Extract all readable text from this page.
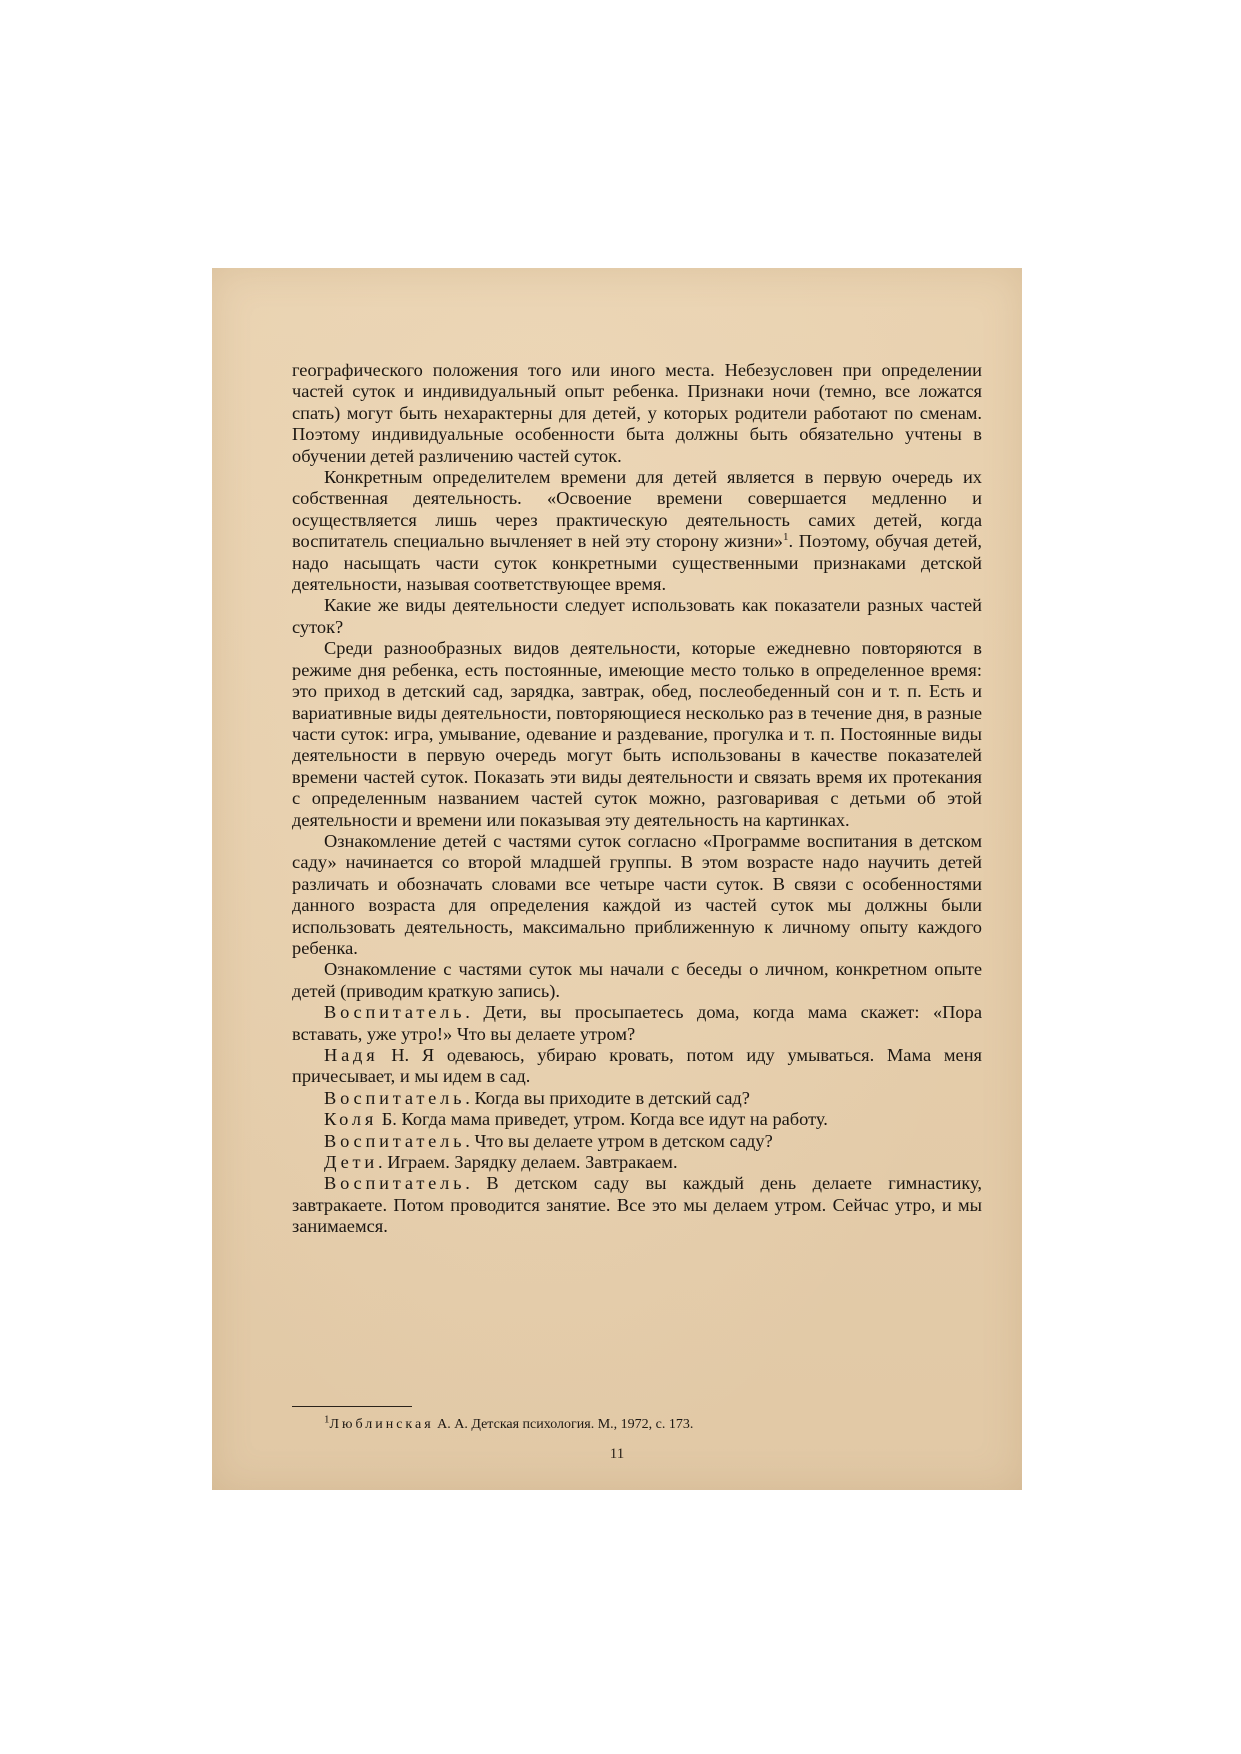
географического положения того или иного места. Небезусловен при определении частей суток и индивидуальный опыт ребенка. Признаки ночи (темно, все ложатся спать) могут быть нехарактерны для детей, у которых родители работают по сменам. Поэтому индивидуальные особенности быта должны быть обязательно учтены в обучении детей различению частей суток.

Конкретным определителем времени для детей является в первую очередь их собственная деятельность. «Освоение времени совершается медленно и осуществляется лишь через практическую деятельность самих детей, когда воспитатель специально вычленяет в ней эту сторону жизни»$^1$. Поэтому, обучая детей, надо насыщать части суток конкретными существенными признаками детской деятельности, называя соответствующее время.

Какие же виды деятельности следует использовать как показатели разных частей суток?

Среди разнообразных видов деятельности, которые ежедневно повторяются в режиме дня ребенка, есть постоянные, имеющие место только в определенное время: это приход в детский сад, зарядка, завтрак, обед, послеобеденный сон и т. п. Есть и вариативные виды деятельности, повторяющиеся несколько раз в течение дня, в разные части суток: игра, умывание, одевание и раздевание, прогулка и т. п. Постоянные виды деятельности в первую очередь могут быть использованы в качестве показателей времени частей суток. Показать эти виды деятельности и связать время их протекания с определенным названием частей суток можно, разговаривая с детьми об этой деятельности и времени или показывая эту деятельность на картинках.

Ознакомление детей с частями суток согласно «Программе воспитания в детском саду» начинается со второй младшей группы. В этом возрасте надо научить детей различать и обозначать словами все четыре части суток. В связи с особенностями данного возраста для определения каждой из частей суток мы должны были использовать деятельность, максимально приближенную к личному опыту каждого ребенка.

Ознакомление с частями суток мы начали с беседы о личном, конкретном опыте детей (приводим краткую запись).

Воспитатель. Дети, вы просыпаетесь дома, когда мама скажет: «Пора вставать, уже утро!» Что вы делаете утром?

Надя Н. Я одеваюсь, убираю кровать, потом иду умываться. Мама меня причесывает, и мы идем в сад.

Воспитатель. Когда вы приходите в детский сад?

Коля Б. Когда мама приведет, утром. Когда все идут на работу.

Воспитатель. Что вы делаете утром в детском саду?

Дети. Играем. Зарядку делаем. Завтракаем.

Воспитатель. В детском саду вы каждый день делаете гимнастику, завтракаете. Потом проводится занятие. Все это мы делаем утром. Сейчас утро, и мы занимаемся.

$^1$Люблинская А. А. Детская психология. М., 1972, с. 173.
11
